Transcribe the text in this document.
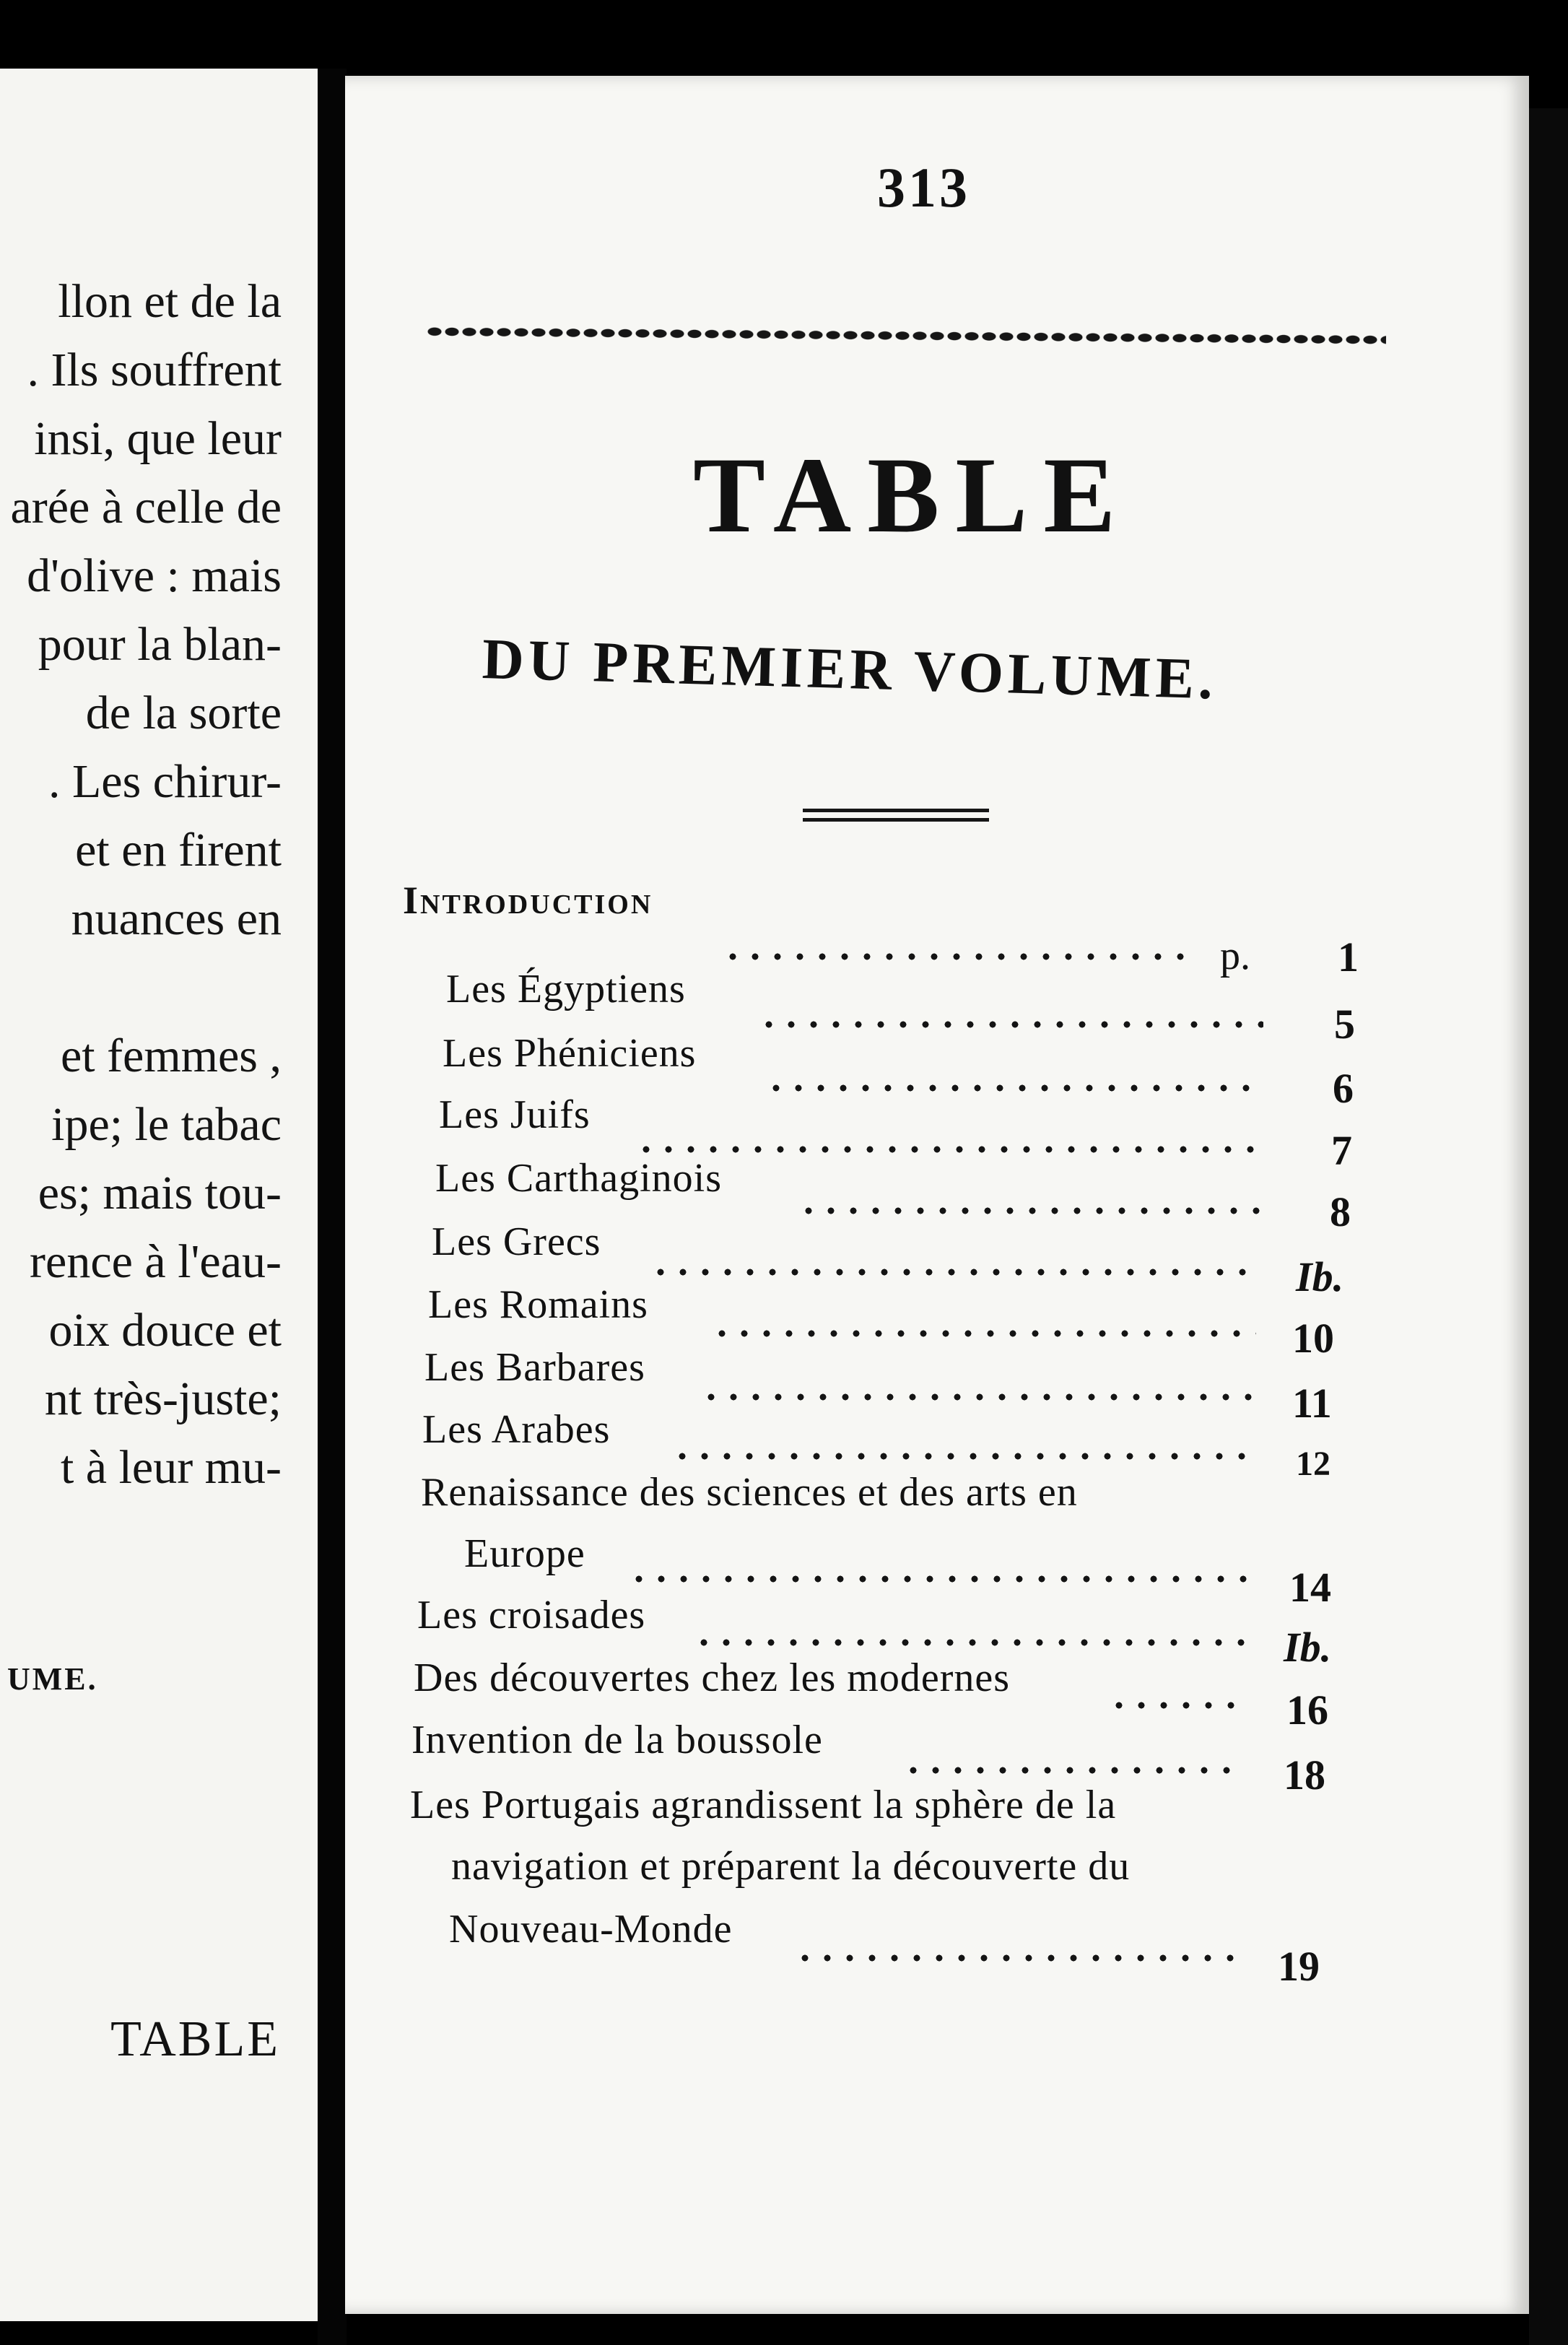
llon et de la
. Ils souffrent
insi, que leur
arée à celle de
d'olive : mais
pour la blan-
de la sorte
. Les chirur-
et en firent
nuances en
et femmes ,
ipe; le tabac
es; mais tou-
rence à l'eau-
oix douce et
nt très-juste;
t à leur mu-
UME.
TABLE
313
TABLE
DU PREMIER VOLUME.
Introduction
p. 1
Les Égyptiens
5
Les Phéniciens
6
Les Juifs
7
Les Carthaginois
8
Les Grecs
Ib.
Les Romains
10
Les Barbares
11
Les Arabes
12
Renaissance des sciences et des arts en
Europe
14
Les croisades
Ib.
Des découvertes chez les modernes
16
Invention de la boussole
18
Les Portugais agrandissent la sphère de la
navigation et préparent la découverte du
Nouveau-Monde
19
